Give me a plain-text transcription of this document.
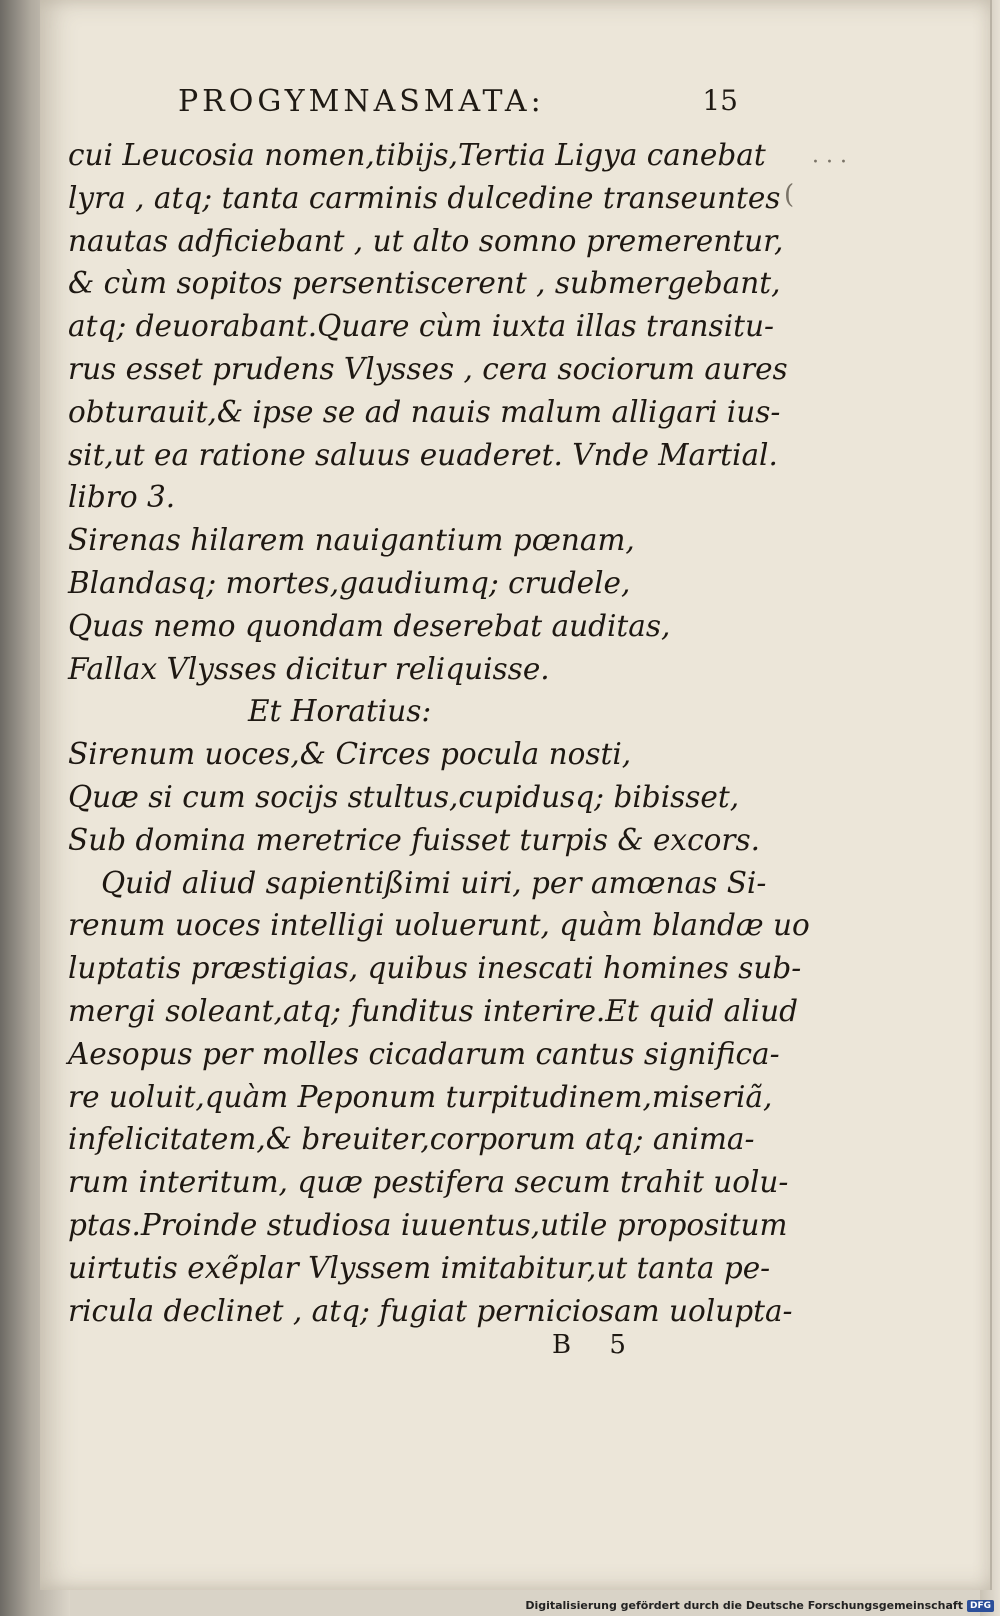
PROGYMNASMATA:	15
cui Leucosia nomen,tibijs,Tertia Ligya canebat
lyra , atq; tanta carminis dulcedine transeuntes
nautas adficiebant , ut alto somno premerentur,
& cùm sopitos persentiscerent , submergebant,
atq; deuorabant.Quare cùm iuxta illas transitu-
rus esset prudens Vlysses , cera sociorum aures
obturauit,& ipse se ad nauis malum alligari ius-
sit,ut ea ratione saluus euaderet. Vnde Martial.
libro 3.
Sirenas hilarem nauigantium pœnam,
Blandasq; mortes,gaudiumq; crudele,
Quas nemo quondam deserebat auditas,
Fallax Vlysses dicitur reliquisse.
Et Horatius:
Sirenum uoces,& Circes pocula nosti,
Quæ si cum socijs stultus,cupidusq; bibisset,
Sub domina meretrice fuisset turpis & excors.
Quid aliud sapientißimi uiri, per amœnas Si-
renum uoces intelligi uoluerunt, quàm blandæ uo
luptatis præstigias, quibus inescati homines sub-
mergi soleant,atq; funditus interire.Et quid aliud
Aesopus per molles cicadarum cantus significa-
re uoluit,quàm Peponum turpitudinem,miseriã,
infelicitatem,& breuiter,corporum atq; anima-
rum interitum, quæ pestifera secum trahit uolu-
ptas.Proinde studiosa iuuentus,utile propositum
uirtutis exẽplar Vlyssem imitabitur,ut tanta pe-
ricula declinet , atq; fugiat perniciosam uolupta-
B 5
· · ·
(
Digitalisierung gefördert durch die Deutsche Forschungsgemeinschaft DFG
